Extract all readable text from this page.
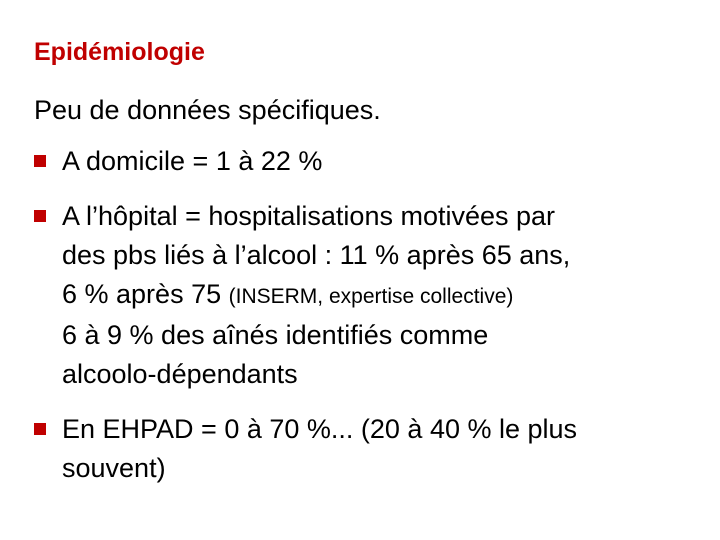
Epidémiologie
Peu de données spécifiques.
A domicile = 1 à 22 %
A l’hôpital = hospitalisations motivées par
des pbs liés à l’alcool : 11 % après 65 ans,
6 % après 75 (INSERM, expertise collective)
6 à 9 % des aînés identifiés comme
alcoolo-dépendants
En EHPAD = 0 à 70 %... (20 à 40 % le plus
souvent)
